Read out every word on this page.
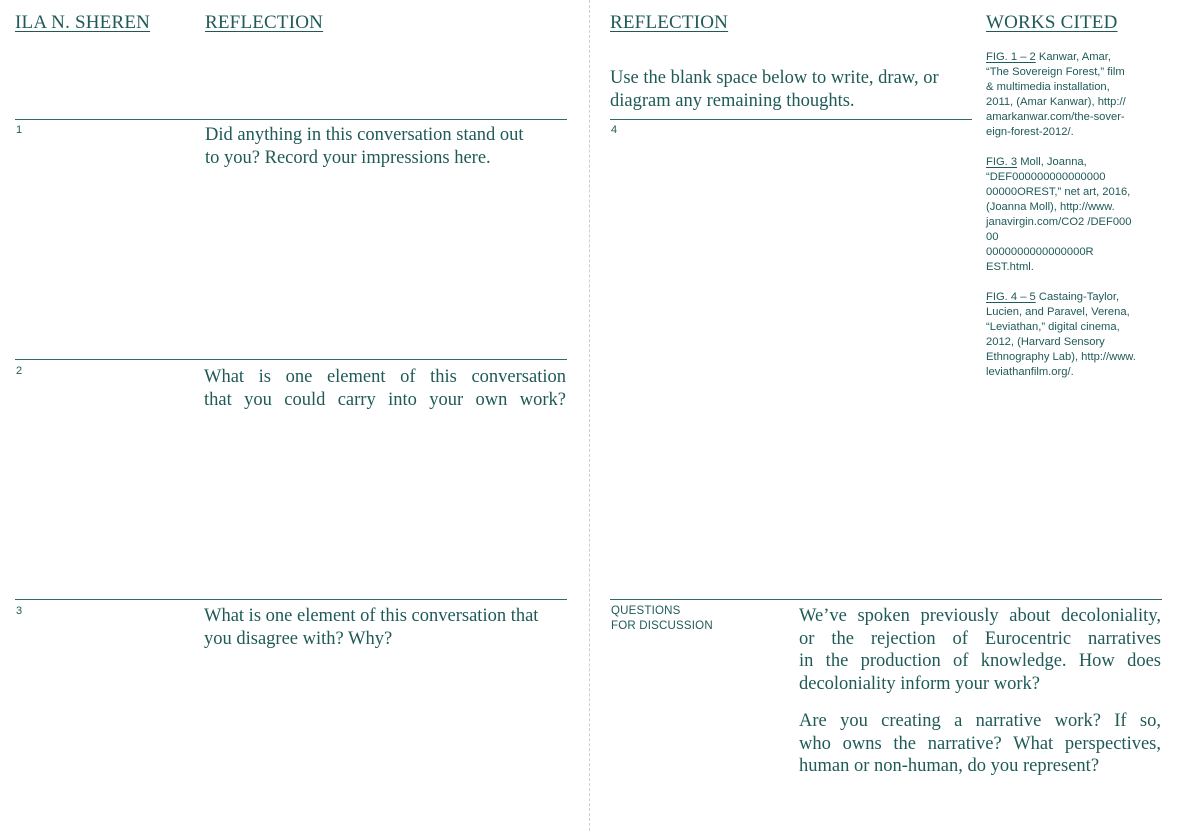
ILA N. SHEREN	REFLECTION
1	Did anything in this conversation stand out
to you? Record your impressions here.
2	What is one element of this conversation
that you could carry into your own work?
3	What is one element of this conversation that
you disagree with? Why?
REFLECTION	WORKS CITED
Use the blank space below to write, draw, or
diagram any remaining thoughts.
4
FIG. 1 – 2 Kanwar, Amar,
“The Sovereign Forest,” film
& multimedia installation,
2011, (Amar Kanwar), http://
amarkanwar.com/the-sover-
eign-forest-2012/.
FIG. 3 Moll, Joanna,
“DEF000000000000000
00000OREST,” net art, 2016,
(Joanna Moll), http://www.
janavirgin.com/CO2 /DEF000
00
0000000000000000R
EST.html.
FIG. 4 – 5 Castaing-Taylor,
Lucien, and Paravel, Verena,
“Leviathan,” digital cinema,
2012, (Harvard Sensory
Ethnography Lab), http://www.
leviathanfilm.org/.
QUESTIONS
FOR DISCUSSION	We’ve spoken previously about decoloniality,
or the rejection of Eurocentric narratives
in the production of knowledge. How does
decoloniality inform your work?
Are you creating a narrative work? If so,
who owns the narrative? What perspectives,
human or non-human, do you represent?
